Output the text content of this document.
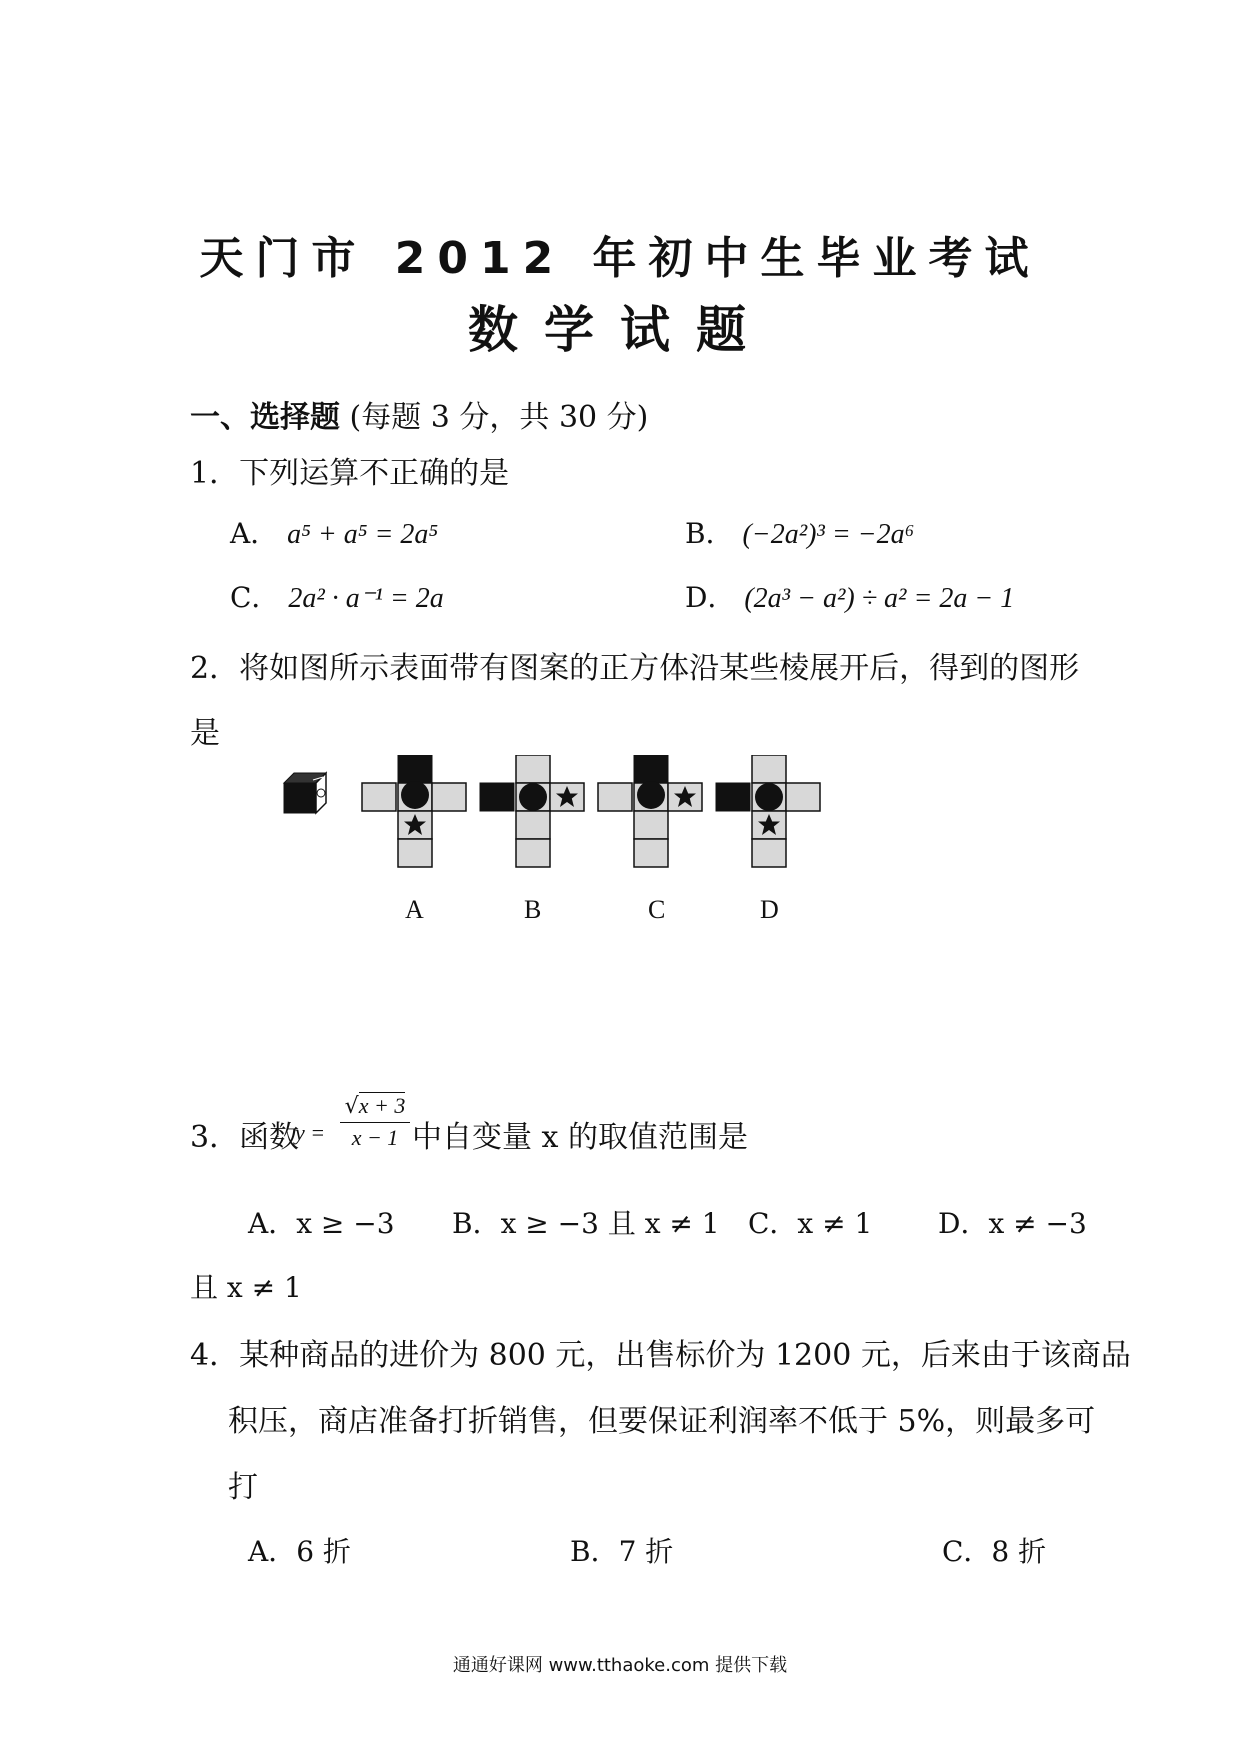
天门市 2012 年初中生毕业考试
数学试题
一、选择题 (每题 3 分，共 30 分)
1．下列运算不正确的是
A． a⁵ + a⁵ = 2a⁵	B． (−2a²)³ = −2a⁶
C． 2a² · a⁻¹ = 2a	D． (2a³ − a²) ÷ a² = 2a − 1
2．将如图所示表面带有图案的正方体沿某些棱展开后，得到的图形
是
A	B	C	D
3．函数
y =
√x + 3
x − 1 中自变量 x 的取值范围是
A．x ≥ −3 B．x ≥ −3 且 x ≠ 1 C．x ≠ 1 D．x ≠ −3
且 x ≠ 1
4．某种商品的进价为 800 元，出售标价为 1200 元，后来由于该商品
积压，商店准备打折销售，但要保证利润率不低于 5%，则最多可
打
A．6 折	B．7 折	C．8 折
通通好课网 www.tthaoke.com 提供下载
